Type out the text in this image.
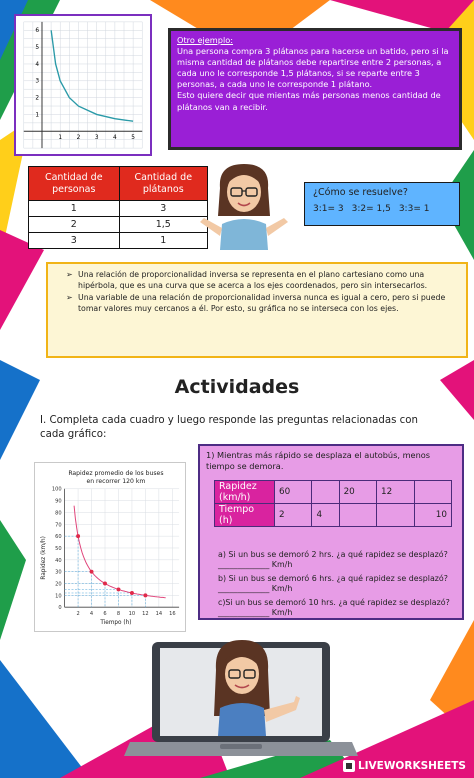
1 2 3 4 5
1
2
3
4
5
6
Otro ejemplo:
Una persona compra 3 plátanos para hacerse un batido, pero si la misma cantidad de plátanos debe repartirse entre 2 personas, a cada uno le corresponde 1,5 plátanos, si se reparte entre 3 personas, a cada uno le corresponde 1 plátano.
Esto quiere decir que mientas más personas menos cantidad de plátanos van a recibir.
Cantidad de personas	Cantidad de plátanos
1	3
2	1,5
3	1
¿Cómo se resuelve?
3:1= 3 3:2= 1,5 3:3= 1
➢ Una relación de proporcionalidad inversa se representa en el plano cartesiano como una hipérbola, que es una curva que se acerca a los ejes coordenados, pero sin intersecarlos.
➢ Una variable de una relación de proporcionalidad inversa nunca es igual a cero, pero si puede tomar valores muy cercanos a él. Por esto, su gráfica no se interseca con los ejes.
Actividades
I. Completa cada cuadro y luego responde las preguntas relacionadas con cada gráfico:
Rapidez promedio de los buses
en recorrer 120 km
Tiempo (h)
Rapidez (km/h)
0
10
20
30
40
50
60
70
80
90
100
2 4 6 8 10 12 14 16
1) Mientras más rápido se desplaza el autobús, menos tiempo se demora.
Rapidez (km/h)	60		20	12	
Tiempo (h)	2	4			10
a) Si un bus se demoró 2 hrs. ¿a qué rapidez se desplazó?_____________ Km/h
b) Si un bus se demoró 6 hrs. ¿a qué rapidez se desplazó?_____________ Km/h
c)Si un bus se demoró 10 hrs. ¿a qué rapidez se desplazó?_____________ Km/h
LIVEWORKSHEETS
